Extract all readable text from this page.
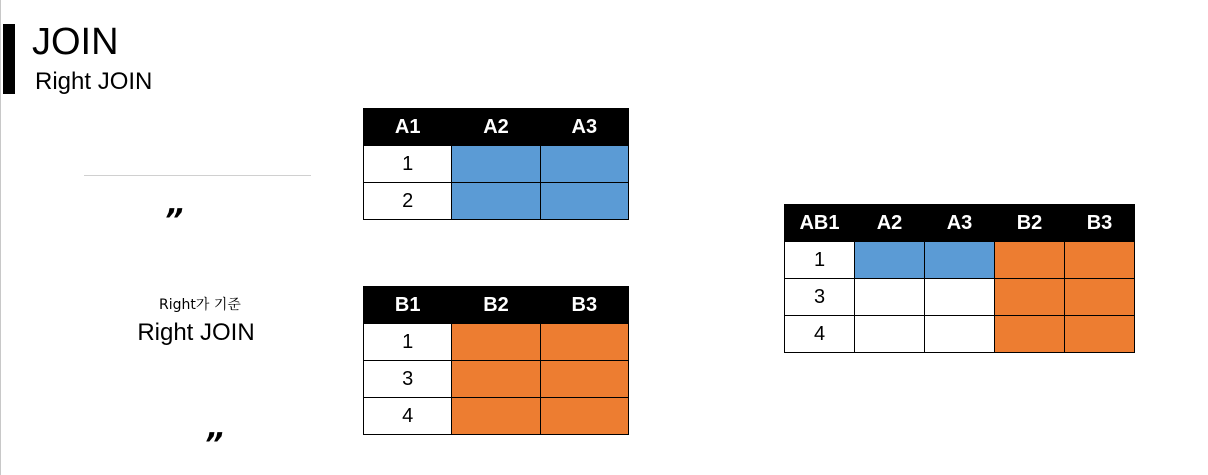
JOIN
Right JOIN
”
Right가 기준
Right JOIN
”
A1	A2	A3
1		
2		
B1	B2	B3
1		
3		
4		
AB1	A2	A3	B2	B3
1				
3				
4				
